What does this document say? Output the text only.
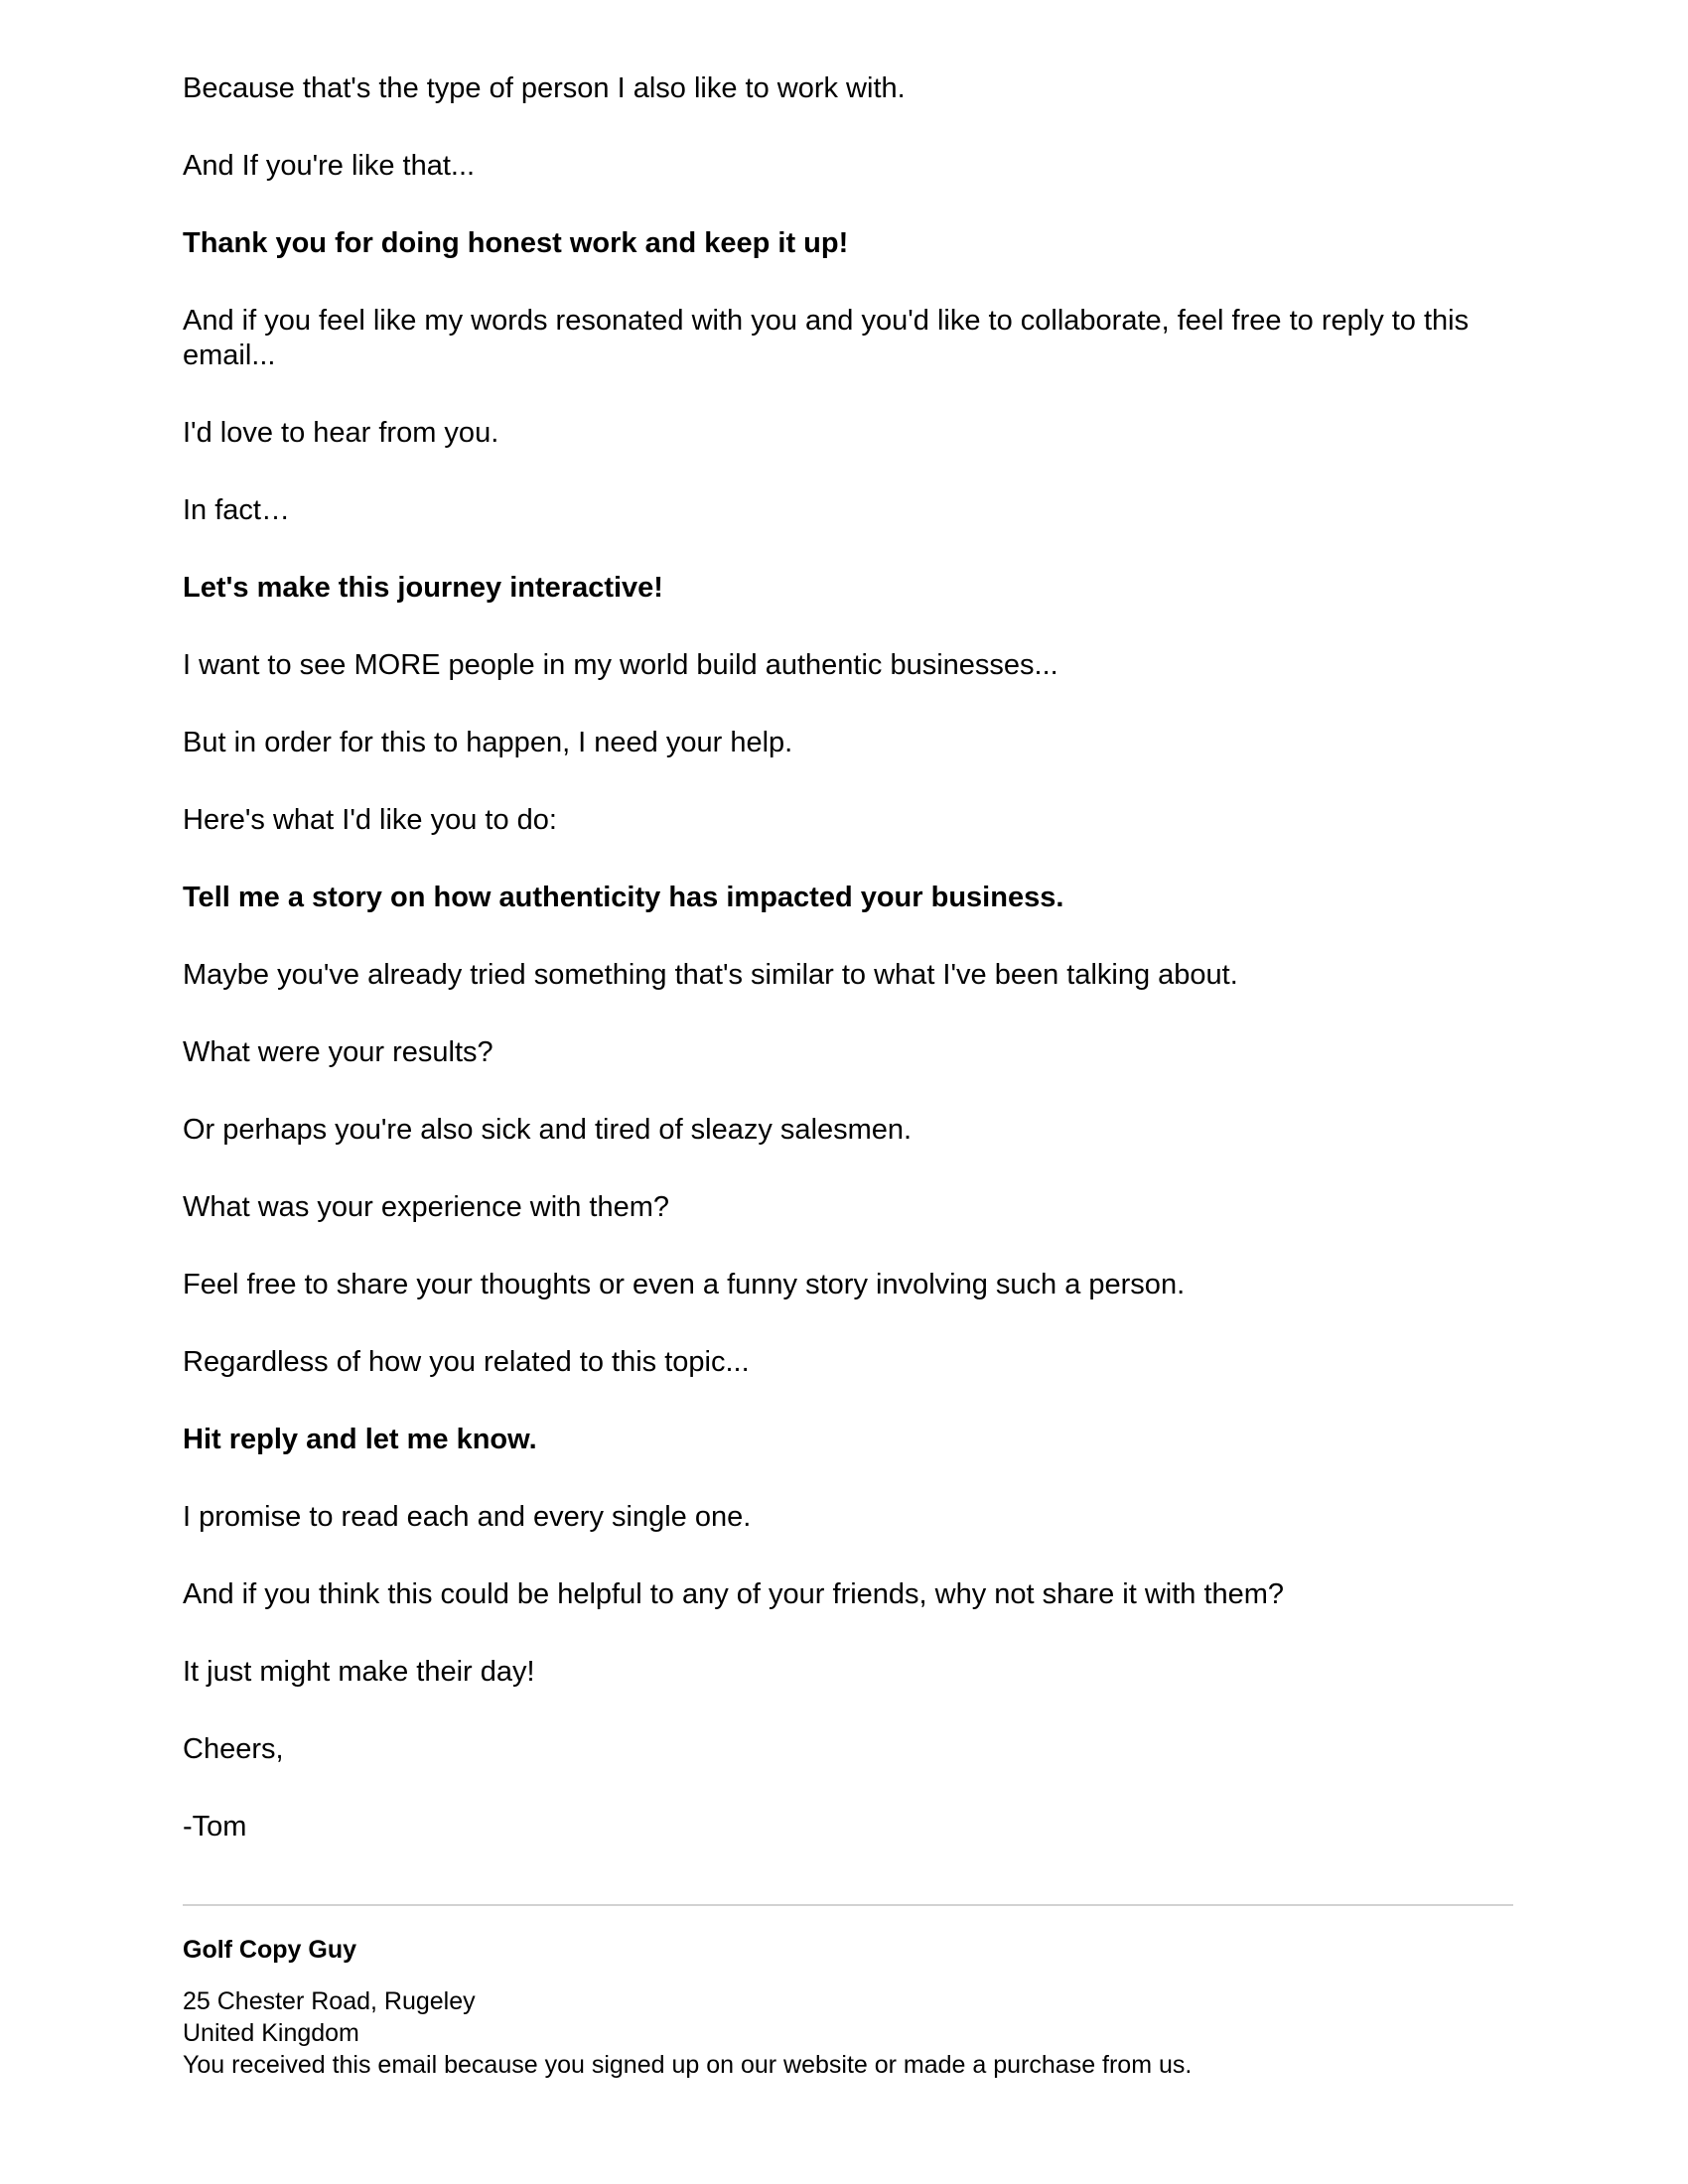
Because that's the type of person I also like to work with.

And If you're like that...

Thank you for doing honest work and keep it up!

And if you feel like my words resonated with you and you'd like to collaborate, feel free to reply to this email...

I'd love to hear from you.

In fact…

Let's make this journey interactive!

I want to see MORE people in my world build authentic businesses...

But in order for this to happen, I need your help.

Here's what I'd like you to do:

Tell me a story on how authenticity has impacted your business.

Maybe you've already tried something that's similar to what I've been talking about.

What were your results?

Or perhaps you're also sick and tired of sleazy salesmen.

What was your experience with them?

Feel free to share your thoughts or even a funny story involving such a person.

Regardless of how you related to this topic...

Hit reply and let me know.

I promise to read each and every single one.

And if you think this could be helpful to any of your friends, why not share it with them?

It just might make their day!

Cheers,

-Tom

Golf Copy Guy

25 Chester Road, Rugeley

United Kingdom

You received this email because you signed up on our website or made a purchase from us.
